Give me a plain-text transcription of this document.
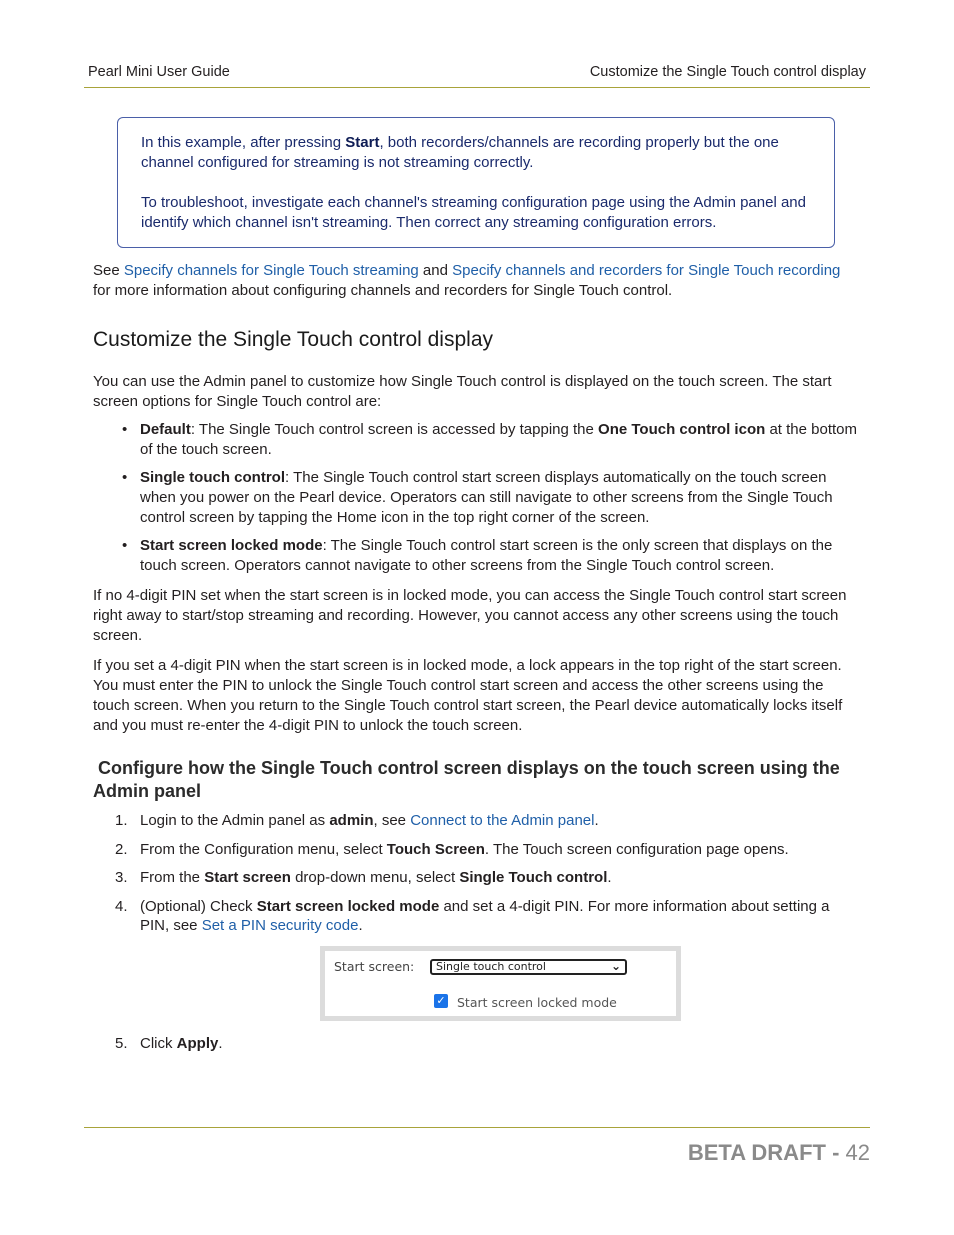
Pearl Mini User Guide	Customize the Single Touch control display

In this example, after pressing Start, both recorders/channels are recording properly but the one channel configured for streaming is not streaming correctly.

To troubleshoot, investigate each channel's streaming configuration page using the Admin panel and identify which channel isn't streaming. Then correct any streaming configuration errors.

See Specify channels for Single Touch streaming and Specify channels and recorders for Single Touch recording for more information about configuring channels and recorders for Single Touch control.

Customize the Single Touch control display

You can use the Admin panel to customize how Single Touch control is displayed on the touch screen. The start screen options for Single Touch control are:

• Default: The Single Touch control screen is accessed by tapping the One Touch control icon at the bottom of the touch screen.
• Single touch control: The Single Touch control start screen displays automatically on the touch screen when you power on the Pearl device. Operators can still navigate to other screens from the Single Touch control screen by tapping the Home icon in the top right corner of the screen.
• Start screen locked mode: The Single Touch control start screen is the only screen that displays on the touch screen. Operators cannot navigate to other screens from the Single Touch control screen.

If no 4-digit PIN set when the start screen is in locked mode, you can access the Single Touch control start screen right away to start/stop streaming and recording. However, you cannot access any other screens using the touch screen.

If you set a 4-digit PIN when the start screen is in locked mode, a lock appears in the top right of the start screen. You must enter the PIN to unlock the Single Touch control start screen and access the other screens using the touch screen. When you return to the Single Touch control start screen, the Pearl device automatically locks itself and you must re-enter the 4-digit PIN to unlock the touch screen.

Configure how the Single Touch control screen displays on the touch screen using the Admin panel
1. Login to the Admin panel as admin, see Connect to the Admin panel.
2. From the Configuration menu, select Touch Screen. The Touch screen configuration page opens.
3. From the Start screen drop-down menu, select Single Touch control.
4. (Optional) Check Start screen locked mode and set a 4-digit PIN. For more information about setting a PIN, see Set a PIN security code.
Start screen:	Single touch control	⌄
✓ Start screen locked mode
5. Click Apply.
BETA DRAFT - 42
